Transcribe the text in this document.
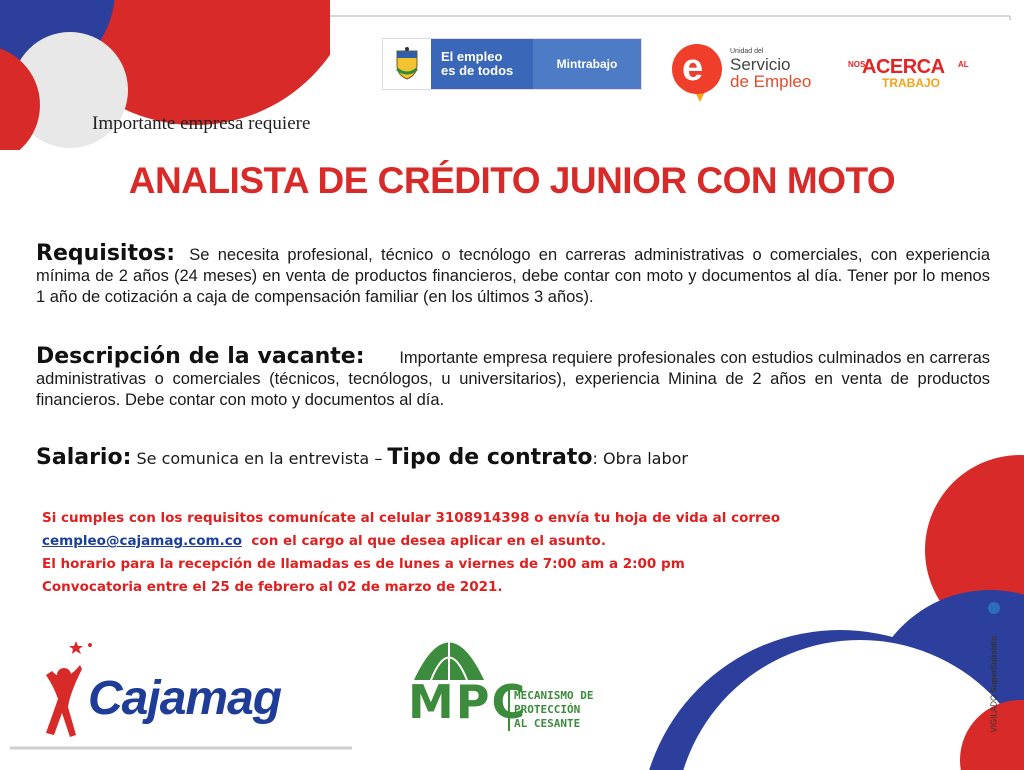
El empleo
es de todos	Mintrabajo	e	Unidad del
Servicio
de Empleo
NOS
ACERCA AL
TRABAJO
Importante empresa requiere
ANALISTA DE CRÉDITO JUNIOR CON MOTO
Requisitos: Se necesita profesional, técnico o tecnólogo en carreras administrativas o comerciales, con experiencia mínima de 2 años (24 meses) en venta de productos financieros, debe contar con moto y documentos al día. Tener por lo menos 1 año de cotización a caja de compensación familiar (en los últimos 3 años).
Descripción de la vacante: Importante empresa requiere profesionales con estudios culminados en carreras administrativas o comerciales (técnicos, tecnólogos, u universitarios), experiencia Minina de 2 años en venta de productos financieros. Debe contar con moto y documentos al día.
Salario: Se comunica en la entrevista – Tipo de contrato: Obra labor
Si cumples con los requisitos comunícate al celular 3108914398 o envía tu hoja de vida al correo
cempleo@cajamag.com.co con el cargo al que desea aplicar en el asunto.
El horario para la recepción de llamadas es de lunes a viernes de 7:00 am a 2:00 pm
Convocatoria entre el 25 de febrero al 02 de marzo de 2021.
Cajamag	MPC
MECANISMO DE
PROTECCIÓN
AL CESANTE	VIGILADO SuperSubsidio
